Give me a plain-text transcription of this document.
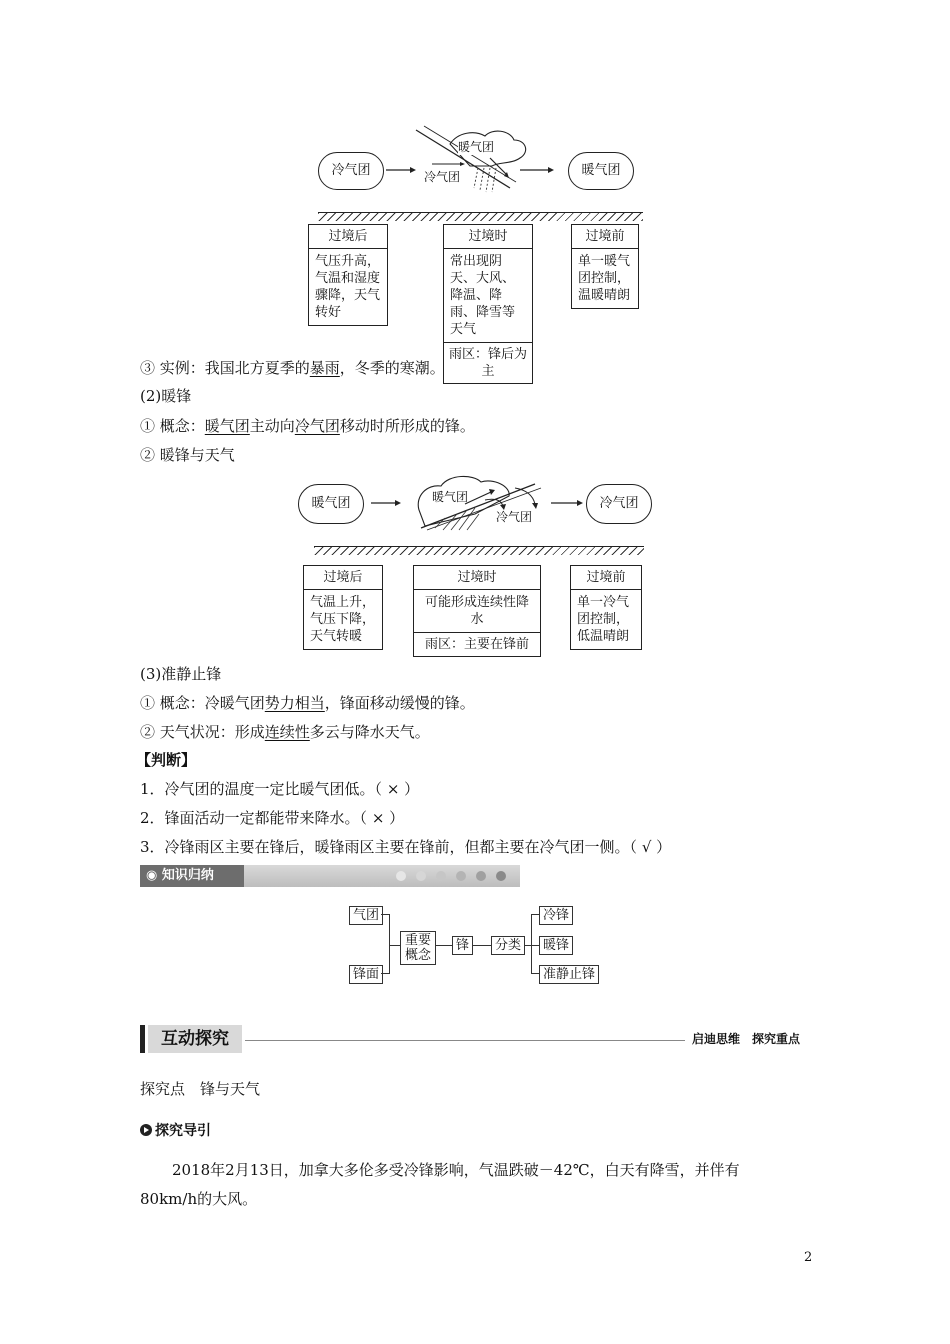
冷气团	暖气团
暖气团
冷气团
过境后
气压升高，气温和湿度骤降，天气转好
过境时
常出现阴天、大风、降温、降雨、降雪等天气
雨区：锋后为主
过境前
单一暖气团控制，温暖晴朗
③ 实例：我国北方夏季的暴雨，冬季的寒潮。
(2)暖锋
① 概念：暖气团主动向冷气团移动时所形成的锋。
② 暖锋与天气
暖气团	冷气团
暖气团
冷气团
过境后
气温上升，气压下降，天气转暖
过境时
可能形成连续性降水
雨区：主要在锋前
过境前
单一冷气团控制，低温晴朗
(3)准静止锋
① 概念：冷暖气团势力相当，锋面移动缓慢的锋。
② 天气状况：形成连续性多云与降水天气。
【判断】
1．冷气团的温度一定比暖气团低。（ × ）
2．锋面活动一定都能带来降水。（ × ）
3．冷锋雨区主要在锋后，暖锋雨区主要在锋前，但都主要在冷气团一侧。（ √ ）
◉ 知识归纳
气团
锋面
重要
概念
锋	分类
冷锋
暖锋
准静止锋
互动探究	启迪思维　探究重点
探究点　锋与天气
探究导引
2018年2月13日，加拿大多伦多受冷锋影响，气温跌破－42℃，白天有降雪，并伴有
80km/h的大风。
2
